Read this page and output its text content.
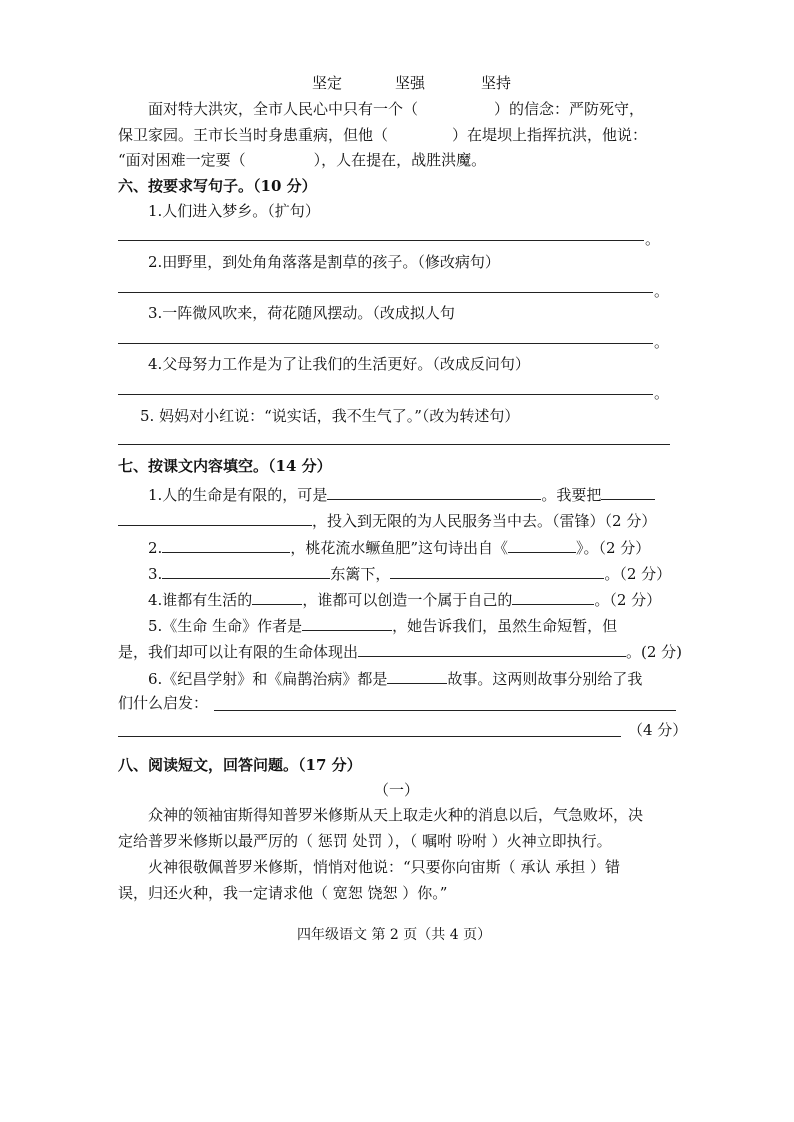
坚定	坚强	坚持
面对特大洪灾，全市人民心中只有一个（	）的信念：严防死守，
保卫家园。王市长当时身患重病，但他（	）在堤坝上指挥抗洪，他说：
“面对困难一定要（	），人在提在，战胜洪魔。
六、按要求写句子。（10 分）
1.人们进入梦乡。（扩句）
。
2.田野里，到处角角落落是割草的孩子。（修改病句）
。
3.一阵微风吹来，荷花随风摆动。（改成拟人句
。
4.父母努力工作是为了让我们的生活更好。（改成反问句）
。
5. 妈妈对小红说：“说实话，我不生气了。”（改为转述句）
七、按课文内容填空。（14 分）
1.人的生命是有限的，可是	。我要把
，投入到无限的为人民服务当中去。（雷锋）（2 分）
2.	，桃花流水鳜鱼肥”这句诗出自《	》。（2 分）
3.	东篱下，	。（2 分）
4.谁都有生活的	，谁都可以创造一个属于自己的	。（2 分）
5.《生命 生命》作者是	，她告诉我们，虽然生命短暂，但
是，我们却可以让有限的生命体现出	。(2 分)
6.《纪昌学射》和《扁鹊治病》都是	故事。这两则故事分别给了我
们什么启发：
（4 分）
八、阅读短文，回答问题。（17 分）
（一）
众神的领袖宙斯得知普罗米修斯从天上取走火种的消息以后，气急败坏，决
定给普罗米修斯以最严厉的（ 惩罚 处罚 ），（ 嘱咐 吩咐 ）火神立即执行。
火神很敬佩普罗米修斯，悄悄对他说：“只要你向宙斯（ 承认 承担 ）错
误，归还火种，我一定请求他（ 宽恕 饶恕 ）你。”
四年级语文 第 2 页（共 4 页）
